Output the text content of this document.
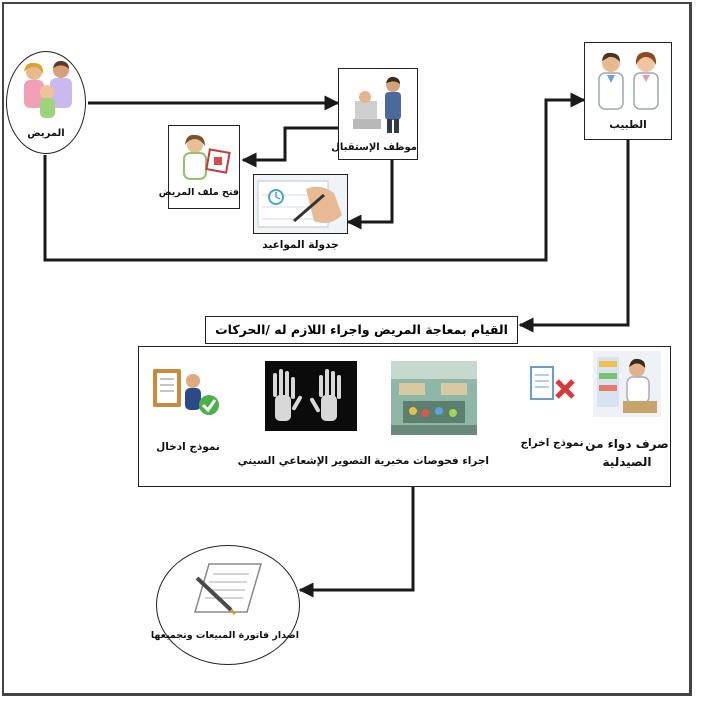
المريض
موظف الإستقبال
فتح ملف المريض
جدولة المواعيد
الطبيب
القيام بمعاجة المريض واجراء اللازم له /الحركات
نموذج ادخال
التصوير الإشعاعي السيني اجراء فحوصات مخبرية
نموذج اخراج صرف دواء من
الصيدلية
اصدار فاتورة المبيعات وتجميعها
